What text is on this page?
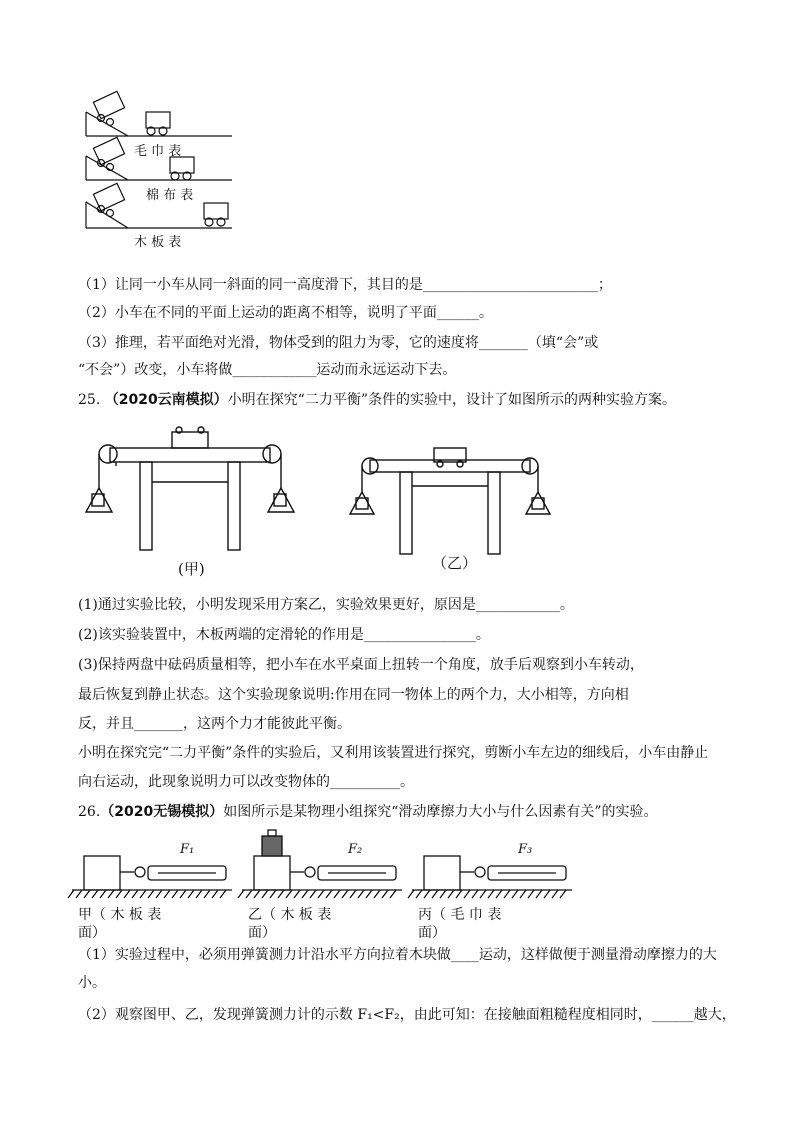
毛 巾 表
棉 布 表
木 板 表
（1）让同一小车从同一斜面的同一高度滑下，其目的是_________________________；
（2）小车在不同的平面上运动的距离不相等，说明了平面______。
（3）推理，若平面绝对光滑，物体受到的阻力为零，它的速度将_______（填“会”或
“不会”）改变，小车将做____________运动而永远运动下去。
25. （2020云南模拟）小明在探究“二力平衡”条件的实验中，设计了如图所示的两种实验方案。
(甲)	（乙）
(1)通过实验比较，小明发现采用方案乙，实验效果更好，原因是____________。
(2)该实验装置中，木板两端的定滑轮的作用是________________。
(3)保持两盘中砝码质量相等，把小车在水平桌面上扭转一个角度，放手后观察到小车转动，
最后恢复到静止状态。这个实验现象说明:作用在同一物体上的两个力，大小相等，方向相
反，并且_______，这两个力才能彼此平衡。
小明在探究完“二力平衡”条件的实验后，又利用该装置进行探究，剪断小车左边的细线后，小车由静止
向右运动，此现象说明力可以改变物体的__________。
26.（2020无锡模拟）如图所示是某物理小组探究“滑动摩擦力大小与什么因素有关”的实验。
F₁	F₂	F₃
甲（ 木 板 表
面）
乙（ 木 板 表
面）
丙（ 毛 巾 表
面）
（1）实验过程中，必须用弹簧测力计沿水平方向拉着木块做____运动，这样做便于测量滑动摩擦力的大
小。
（2）观察图甲、乙，发现弹簧测力计的示数 F₁<F₂，由此可知：在接触面粗糙程度相同时，______越大，
